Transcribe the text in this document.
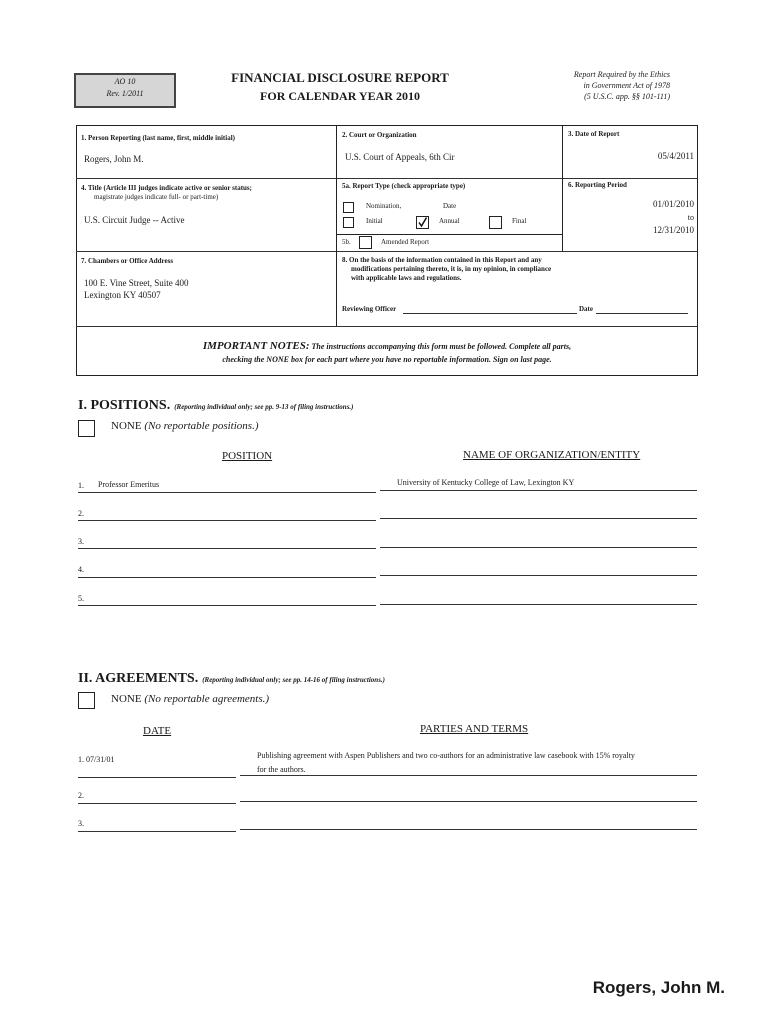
AO 10
Rev. 1/2011
FINANCIAL DISCLOSURE REPORT
FOR CALENDAR YEAR 2010
Report Required by the Ethics
in Government Act of 1978
(5 U.S.C. app. §§ 101-111)
1. Person Reporting (last name, first, middle initial)
Rogers, John M.
2. Court or Organization
U.S. Court of Appeals, 6th Cir
3. Date of Report
05/4/2011
4. Title (Article III judges indicate active or senior status;
magistrate judges indicate full- or part-time)
U.S. Circuit Judge -- Active
5a. Report Type (check appropriate type)
Nomination,	Date
Initial	Annual	Final
5b.	Amended Report
6. Reporting Period
01/01/2010
to
12/31/2010
7. Chambers or Office Address
100 E. Vine Street, Suite 400
Lexington KY 40507
8. On the basis of the information contained in this Report and any
modifications pertaining thereto, it is, in my opinion, in compliance
with applicable laws and regulations.
Reviewing Officer	Date
IMPORTANT NOTES: The instructions accompanying this form must be followed. Complete all parts,
checking the NONE box for each part where you have no reportable information. Sign on last page.
I. POSITIONS. (Reporting individual only; see pp. 9-13 of filing instructions.)
NONE (No reportable positions.)
POSITION	NAME OF ORGANIZATION/ENTITY
1. Professor Emeritus	University of Kentucky College of Law, Lexington KY
2.
3.
4.
5.
II. AGREEMENTS. (Reporting individual only; see pp. 14-16 of filing instructions.)
NONE (No reportable agreements.)
DATE	PARTIES AND TERMS
1. 07/31/01	Publishing agreement with Aspen Publishers and two co-authors for an administrative law casebook with 15% royalty
for the authors.
2.
3.
Rogers, John M.
